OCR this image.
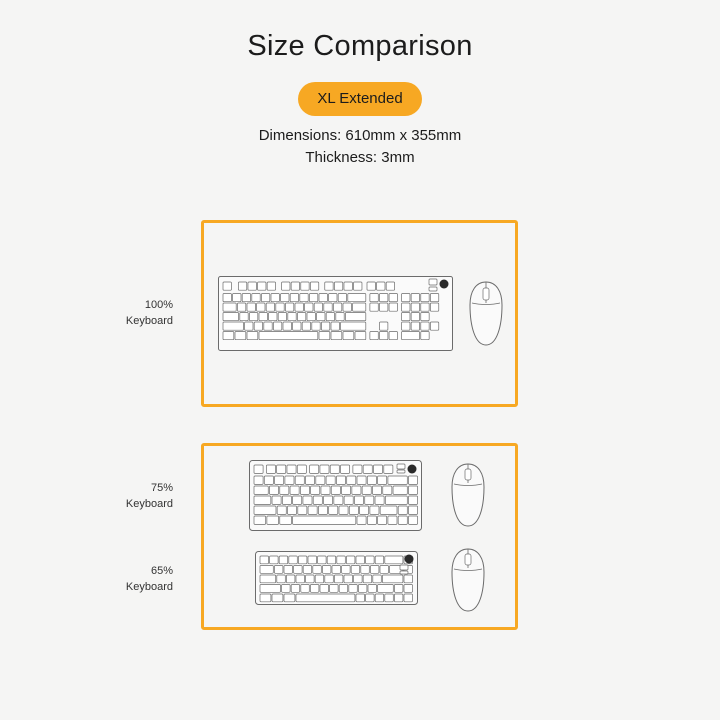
Size Comparison
XL Extended
Dimensions: 610mm x 355mm
Thickness: 3mm
100%
Keyboard
75%
Keyboard
65%
Keyboard
